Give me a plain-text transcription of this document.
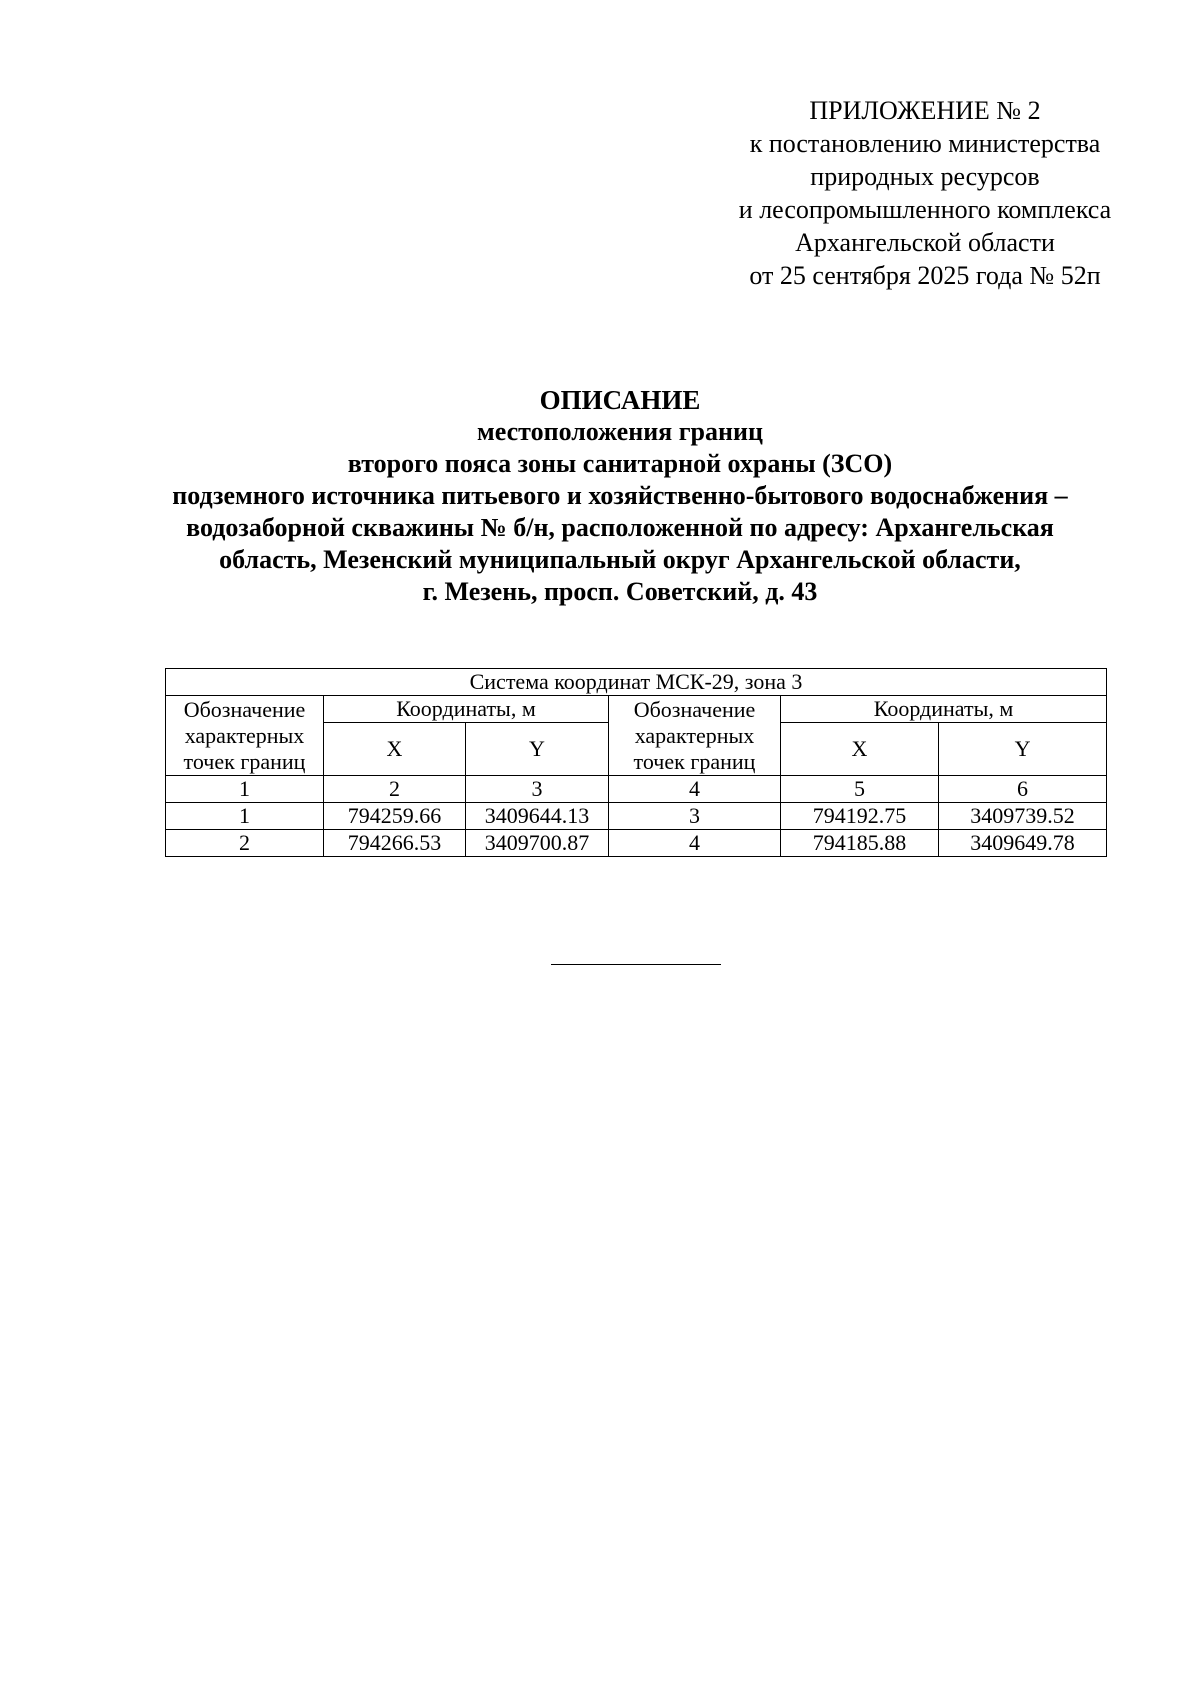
ПРИЛОЖЕНИЕ № 2
к постановлению министерства
природных ресурсов
и лесопромышленного комплекса
Архангельской области
от 25 сентября 2025 года № 52п
ОПИСАНИЕ
местоположения границ
второго пояса зоны санитарной охраны (ЗСО)
подземного источника питьевого и хозяйственно-бытового водоснабжения –
водозаборной скважины № б/н, расположенной по адресу: Архангельская
область, Мезенский муниципальный округ Архангельской области,
г. Мезень, просп. Советский, д. 43
Система координат МСК-29, зона 3					
Обозначение характерных точек границ	Координаты, м		Обозначение характерных точек границ	Координаты, м	
	X	Y		X	Y
1	2	3	4	5	6
1	794259.66	3409644.13	3	794192.75	3409739.52
2	794266.53	3409700.87	4	794185.88	3409649.78
